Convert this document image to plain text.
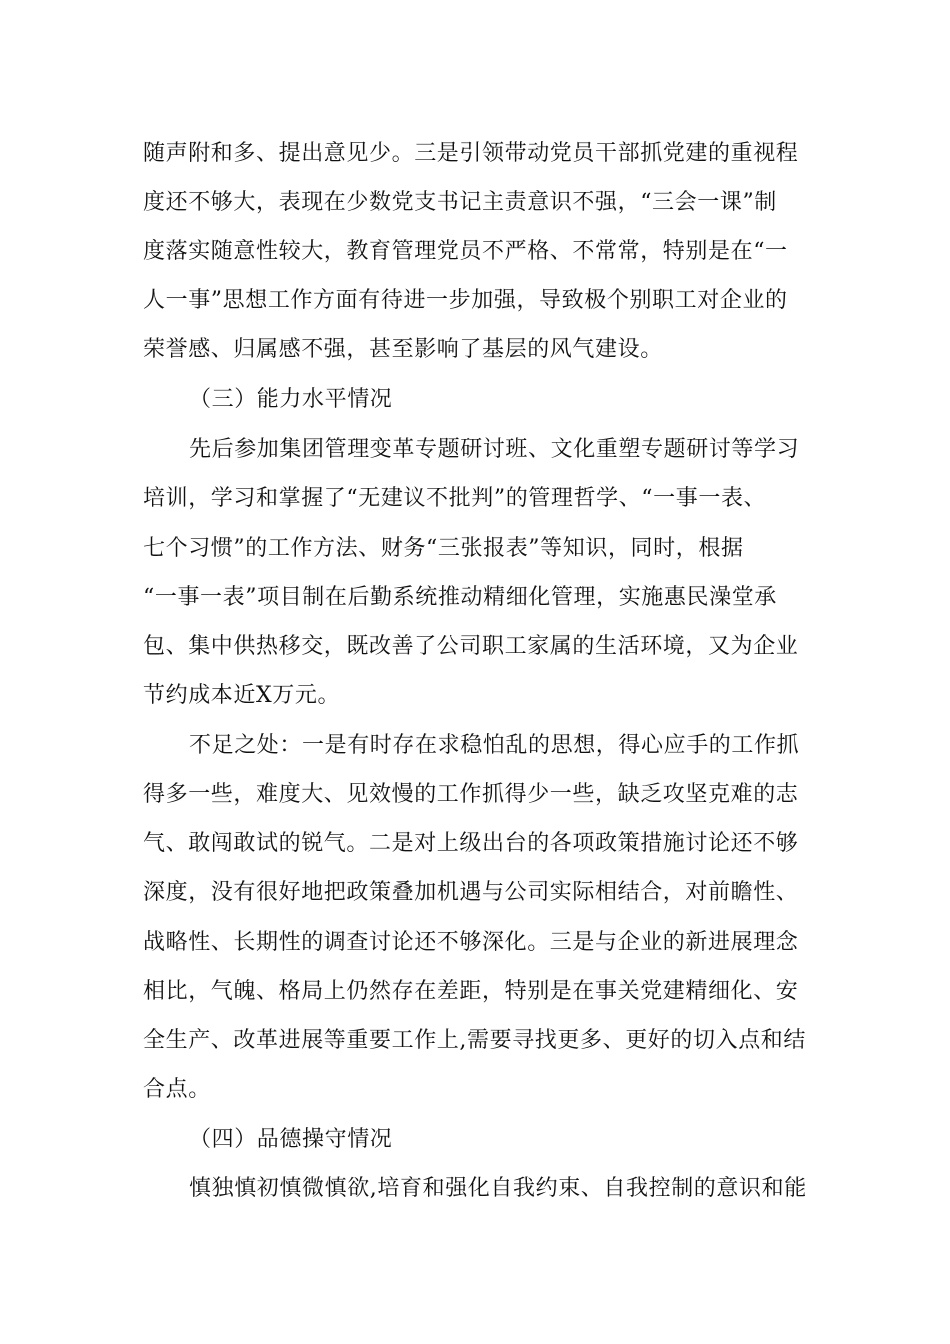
随声附和多、提出意见少。三是引领带动党员干部抓党建的重视程
度还不够大，表现在少数党支书记主责意识不强，“三会一课”制
度落实随意性较大，教育管理党员不严格、不常常，特别是在“一
人一事”思想工作方面有待进一步加强，导致极个别职工对企业的
荣誉感、归属感不强，甚至影响了基层的风气建设。
（三）能力水平情况
先后参加集团管理变革专题研讨班、文化重塑专题研讨等学习
培训，学习和掌握了“无建议不批判”的管理哲学、“一事一表、
七个习惯”的工作方法、财务“三张报表”等知识，同时，根据
“一事一表”项目制在后勤系统推动精细化管理，实施惠民澡堂承
包、集中供热移交，既改善了公司职工家属的生活环境，又为企业
节约成本近X万元。
不足之处：一是有时存在求稳怕乱的思想，得心应手的工作抓
得多一些，难度大、见效慢的工作抓得少一些，缺乏攻坚克难的志
气、敢闯敢试的锐气。二是对上级出台的各项政策措施讨论还不够
深度，没有很好地把政策叠加机遇与公司实际相结合，对前瞻性、
战略性、长期性的调查讨论还不够深化。三是与企业的新进展理念
相比，气魄、格局上仍然存在差距，特别是在事关党建精细化、安
全生产、改革进展等重要工作上,需要寻找更多、更好的切入点和结
合点。
（四）品德操守情况
慎独慎初慎微慎欲,培育和强化自我约束、自我控制的意识和能
